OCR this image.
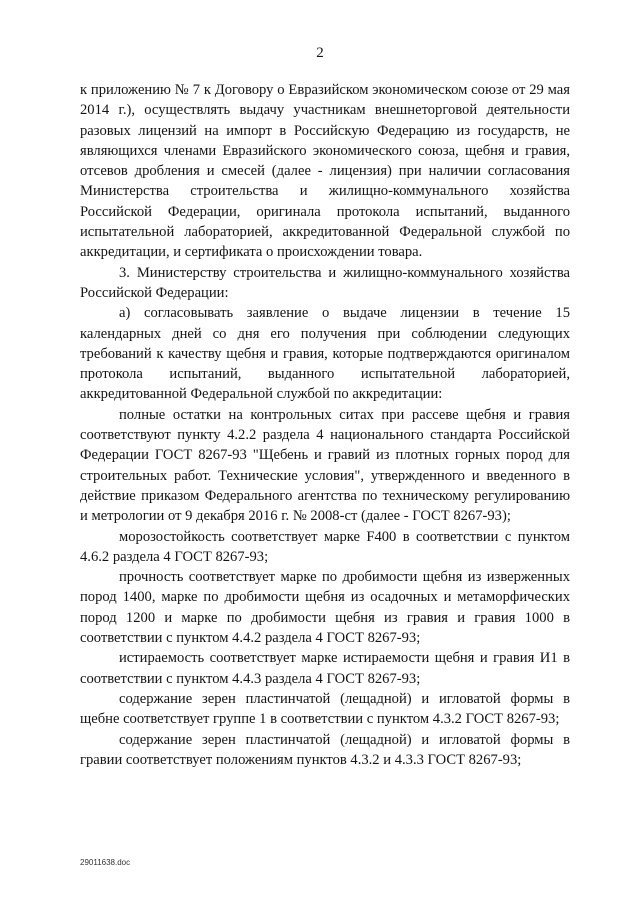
2

к приложению № 7 к Договору о Евразийском экономическом союзе от 29 мая 2014 г.), осуществлять выдачу участникам внешнеторговой деятельности разовых лицензий на импорт в Российскую Федерацию из государств, не являющихся членами Евразийского экономического союза, щебня и гравия, отсевов дробления и смесей (далее - лицензия) при наличии согласования Министерства строительства и жилищно-коммунального хозяйства Российской Федерации, оригинала протокола испытаний, выданного испытательной лабораторией, аккредитованной Федеральной службой по аккредитации, и сертификата о происхождении товара.

3. Министерству строительства и жилищно-коммунального хозяйства Российской Федерации:

а) согласовывать заявление о выдаче лицензии в течение 15 календарных дней со дня его получения при соблюдении следующих требований к качеству щебня и гравия, которые подтверждаются оригиналом протокола испытаний, выданного испытательной лабораторией, аккредитованной Федеральной службой по аккредитации:

полные остатки на контрольных ситах при рассеве щебня и гравия соответствуют пункту 4.2.2 раздела 4 национального стандарта Российской Федерации ГОСТ 8267-93 "Щебень и гравий из плотных горных пород для строительных работ. Технические условия", утвержденного и введенного в действие приказом Федерального агентства по техническому регулированию и метрологии от 9 декабря 2016 г. № 2008-ст (далее - ГОСТ 8267-93);

морозостойкость соответствует марке F400 в соответствии с пунктом 4.6.2 раздела 4 ГОСТ 8267-93;

прочность соответствует марке по дробимости щебня из изверженных пород 1400, марке по дробимости щебня из осадочных и метаморфических пород 1200 и марке по дробимости щебня из гравия и гравия 1000 в соответствии с пунктом 4.4.2 раздела 4 ГОСТ 8267-93;

истираемость соответствует марке истираемости щебня и гравия И1 в соответствии с пунктом 4.4.3 раздела 4 ГОСТ 8267-93;

содержание зерен пластинчатой (лещадной) и игловатой формы в щебне соответствует группе 1 в соответствии с пунктом 4.3.2 ГОСТ 8267-93;

содержание зерен пластинчатой (лещадной) и игловатой формы в гравии соответствует положениям пунктов 4.3.2 и 4.3.3 ГОСТ 8267-93;

29011638.doc
